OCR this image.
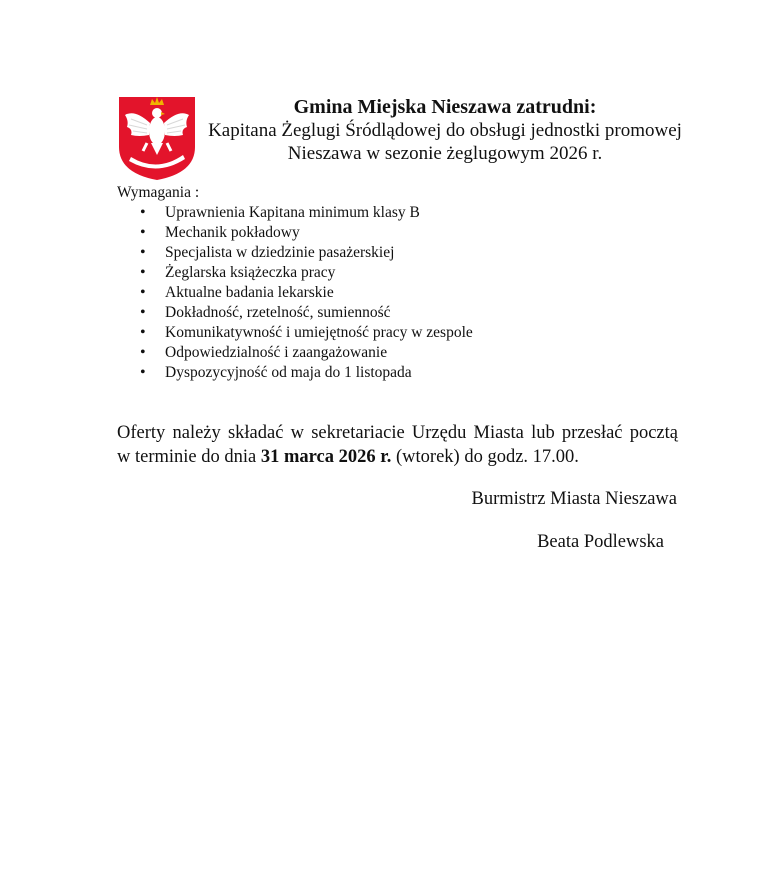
Gmina Miejska Nieszawa zatrudni:
Kapitana Żeglugi Śródlądowej do obsługi jednostki promowej
Nieszawa w sezonie żeglugowym 2026 r.
Wymagania :
• Uprawnienia Kapitana minimum klasy B
• Mechanik pokładowy
• Specjalista w dziedzinie pasażerskiej
• Żeglarska książeczka pracy
• Aktualne badania lekarskie
• Dokładność, rzetelność, sumienność
• Komunikatywność i umiejętność pracy w zespole
• Odpowiedzialność i zaangażowanie
• Dyspozycyjność od maja do 1 listopada
Oferty należy składać w sekretariacie Urzędu Miasta lub przesłać pocztą
w terminie do dnia 31 marca 2026 r. (wtorek) do godz. 17.00.
Burmistrz Miasta Nieszawa
Beata Podlewska
